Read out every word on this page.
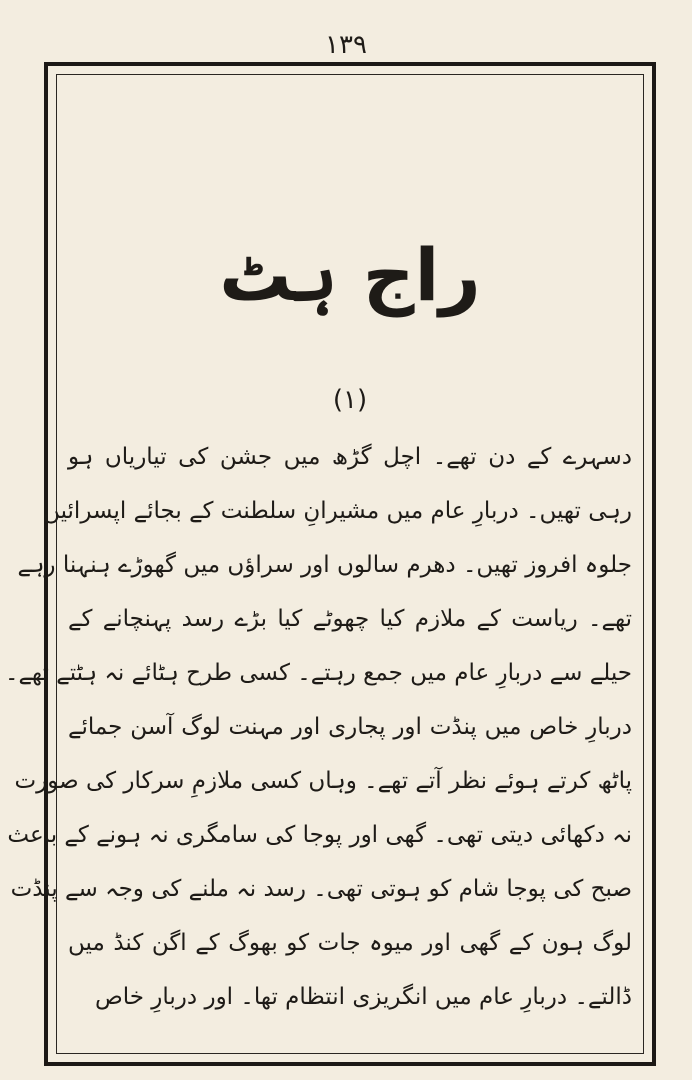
۱۳۹
راج ہٹ
(۱)
دسہرے کے دن تھے۔ اچل گڑھ میں جشن کی تیاریاں ہو
رہی تھیں۔ دربارِ عام میں مشیرانِ سلطنت کے بجائے اپسرائیں
جلوہ افروز تھیں۔ دھرم سالوں اور سراؤں میں گھوڑے ہنہنا رہے
تھے۔ ریاست کے ملازم کیا چھوٹے کیا بڑے رسد پہنچانے کے
حیلے سے دربارِ عام میں جمع رہتے۔ کسی طرح ہٹائے نہ ہٹتے تھے۔
دربارِ خاص میں پنڈت اور پجاری اور مہنت لوگ آسن جمائے
پاٹھ کرتے ہوئے نظر آتے تھے۔ وہاں کسی ملازمِ سرکار کی صورت
نہ دکھائی دیتی تھی۔ گھی اور پوجا کی سامگری نہ ہونے کے باعث
صبح کی پوجا شام کو ہوتی تھی۔ رسد نہ ملنے کی وجہ سے پنڈت
لوگ ہون کے گھی اور میوہ جات کو بھوگ کے اگن کنڈ میں
ڈالتے۔ دربارِ عام میں انگریزی انتظام تھا۔ اور دربارِ خاص
